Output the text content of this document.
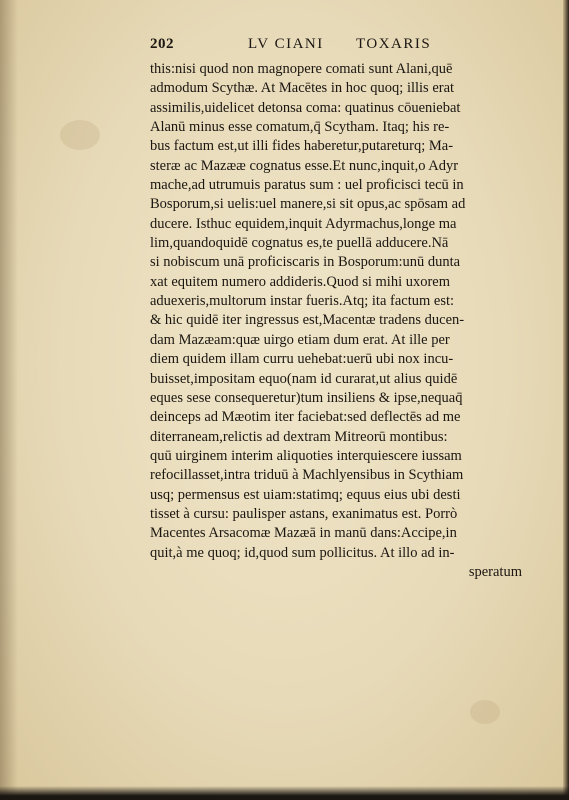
202	LV CIANI TOXARIS
this:nisi quod non magnopere comati sunt Alani,quē
admodum Scythæ. At Macētes in hoc quoq; illis erat
assimilis,uidelicet detonsa coma: quatinus cōueniebat
Alanū minus esse comatum,q̄ Scytham. Itaq; his re-
bus factum est,ut illi fides haberetur,putareturq; Ma-
steræ ac Mazææ cognatus esse.Et nunc,inquit,o Adyr
mache,ad utrumuis paratus sum : uel proficisci tecū in
Bosporum,si uelis:uel manere,si sit opus,ac spōsam ad
ducere. Isthuc equidem,inquit Adyrmachus,longe ma
lim,quandoquidē cognatus es,te puellā adducere.Nā
si nobiscum unā proficiscaris in Bosporum:unū dunta
xat equitem numero addideris.Quod si mihi uxorem
aduexeris,multorum instar fueris.Atq; ita factum est:
& hic quidē iter ingressus est,Macentæ tradens ducen-
dam Mazæam:quæ uirgo etiam dum erat. At ille per
diem quidem illam curru uehebat:uerū ubi nox incu-
buisset,impositam equo(nam id curarat,ut alius quidē
eques sese consequeretur)tum insiliens & ipse,nequaq̄
deinceps ad Mæotim iter faciebat:sed deflectēs ad me
diterraneam,relictis ad dextram Mitreorū montibus:
quū uirginem interim aliquoties interquiescere iussam
refocillasset,intra triduū à Machlyensibus in Scythiam
usq; permensus est uiam:statimq; equus eius ubi desti
tisset à cursu: paulisper astans, exanimatus est. Porrò
Macentes Arsacomæ Mazæā in manū dans:Accipe,in
quit,à me quoq; id,quod sum pollicitus. At illo ad in-
speratum
